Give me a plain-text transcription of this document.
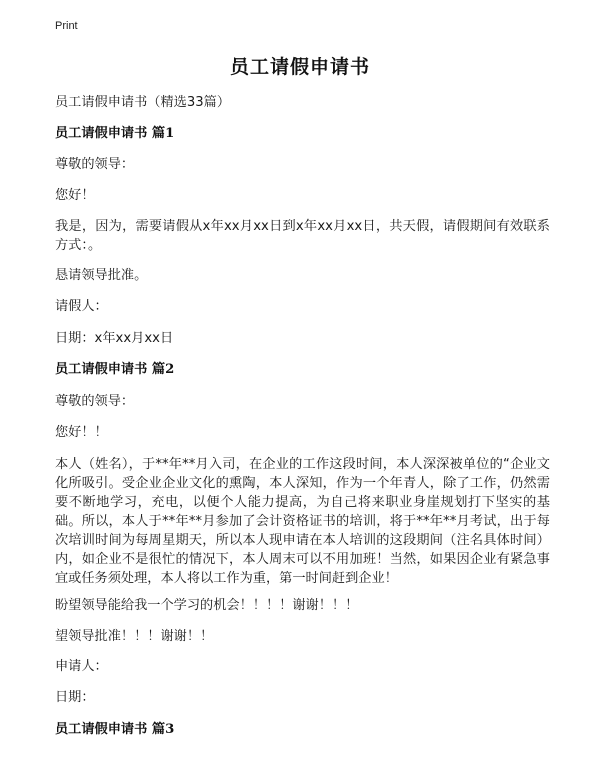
Print
员工请假申请书

员工请假申请书（精选33篇）

员工请假申请书 篇1

尊敬的领导：

您好！

我是，因为，需要请假从x年xx月xx日到x年xx月xx日，共天假，请假期间有效联系方式：。

恳请领导批准。

请假人：

日期：x年xx月xx日

员工请假申请书 篇2

尊敬的领导：

您好！！

本人（姓名），于**年**月入司，在企业的工作这段时间，本人深深被单位的“企业文化所吸引。受企业企业文化的熏陶，本人深知，作为一个年青人，除了工作，仍然需要不断地学习，充电，以便个人能力提高，为自己将来职业身崖规划打下坚实的基础。所以，本人于**年**月参加了会计资格证书的培训，将于**年**月考试，出于每次培训时间为每周星期天，所以本人现申请在本人培训的这段期间（注名具体时间）内，如企业不是很忙的情况下，本人周末可以不用加班！当然，如果因企业有紧急事宜或任务须处理，本人将以工作为重，第一时间赶到企业！

盼望领导能给我一个学习的机会！！！！谢谢！！！

望领导批准！！！谢谢！！

申请人：

日期：

员工请假申请书 篇3
